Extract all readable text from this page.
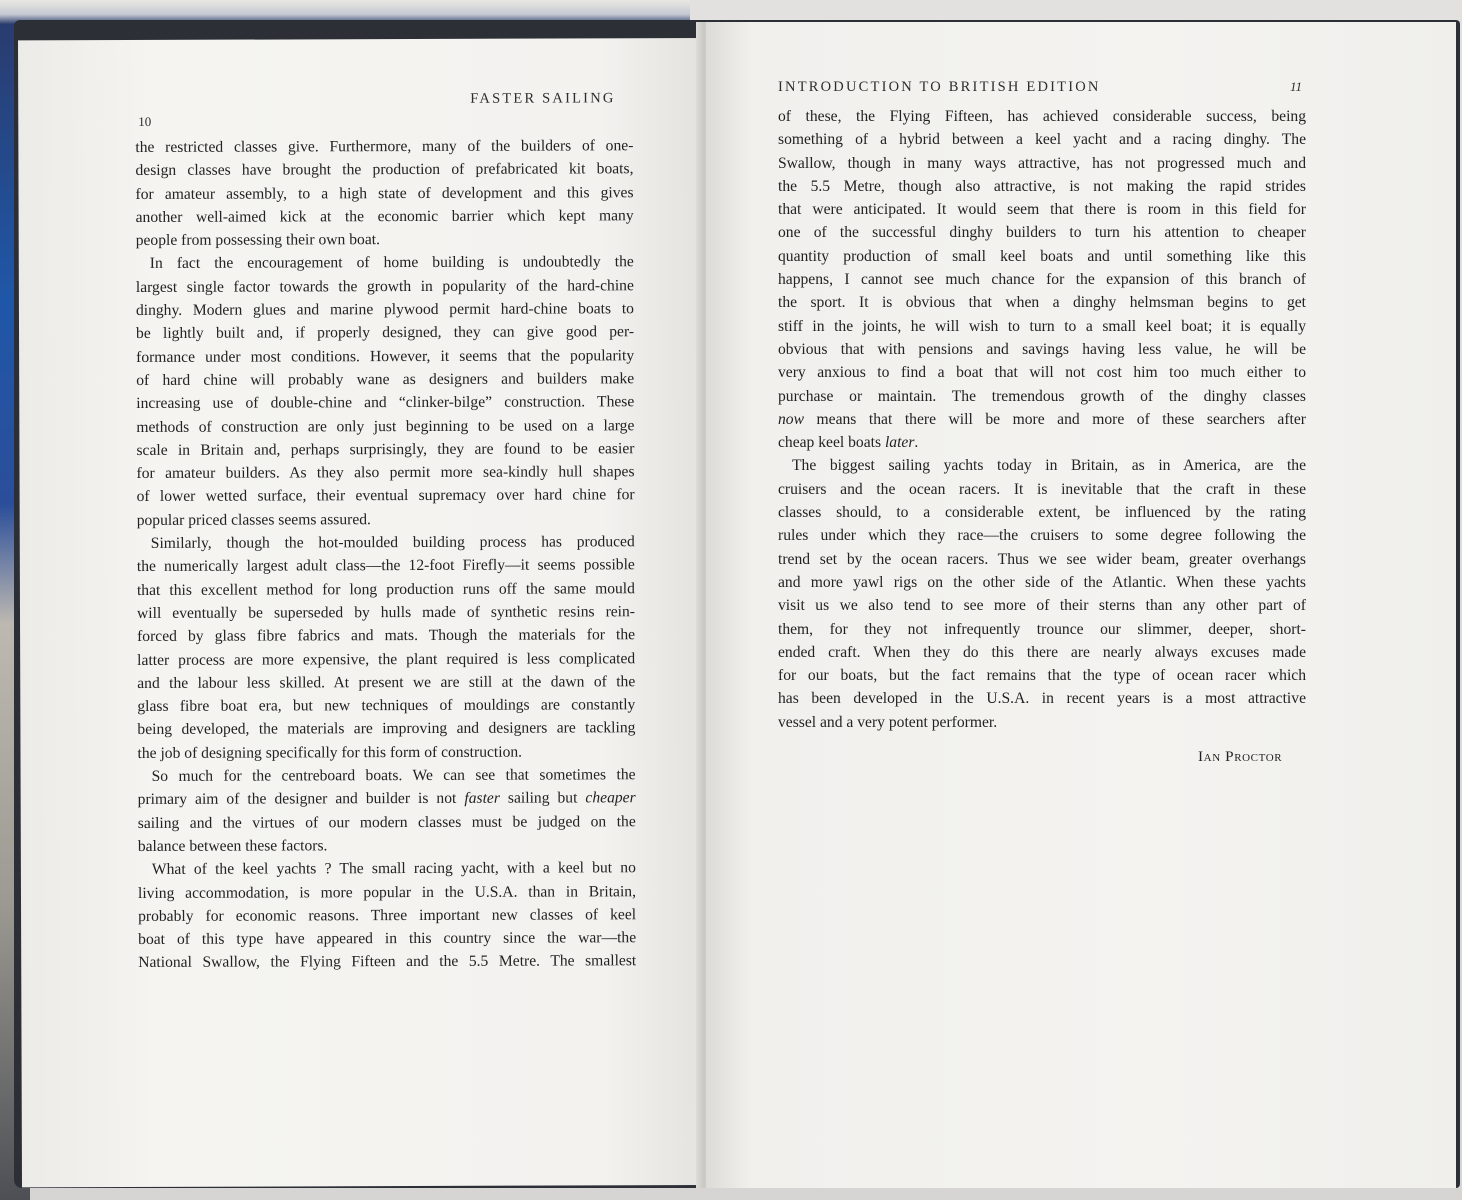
10
FASTER SAILING
the restricted classes give. Furthermore, many of the builders of one-
design classes have brought the production of prefabricated kit boats,
for amateur assembly, to a high state of development and this gives
another well-aimed kick at the economic barrier which kept many
people from possessing their own boat.
In fact the encouragement of home building is undoubtedly the
largest single factor towards the growth in popularity of the hard-chine
dinghy. Modern glues and marine plywood permit hard-chine boats to
be lightly built and, if properly designed, they can give good per-
formance under most conditions. However, it seems that the popularity
of hard chine will probably wane as designers and builders make
increasing use of double-chine and “clinker-bilge” construction. These
methods of construction are only just beginning to be used on a large
scale in Britain and, perhaps surprisingly, they are found to be easier
for amateur builders. As they also permit more sea-kindly hull shapes
of lower wetted surface, their eventual supremacy over hard chine for
popular priced classes seems assured.
Similarly, though the hot-moulded building process has produced
the numerically largest adult class—the 12-foot Firefly—it seems possible
that this excellent method for long production runs off the same mould
will eventually be superseded by hulls made of synthetic resins rein-
forced by glass fibre fabrics and mats. Though the materials for the
latter process are more expensive, the plant required is less complicated
and the labour less skilled. At present we are still at the dawn of the
glass fibre boat era, but new techniques of mouldings are constantly
being developed, the materials are improving and designers are tackling
the job of designing specifically for this form of construction.
So much for the centreboard boats. We can see that sometimes the
primary aim of the designer and builder is not faster sailing but cheaper
sailing and the virtues of our modern classes must be judged on the
balance between these factors.
What of the keel yachts ? The small racing yacht, with a keel but no
living accommodation, is more popular in the U.S.A. than in Britain,
probably for economic reasons. Three important new classes of keel
boat of this type have appeared in this country since the war—the
National Swallow, the Flying Fifteen and the 5.5 Metre. The smallest
INTRODUCTION TO BRITISH EDITION	11
of these, the Flying Fifteen, has achieved considerable success, being
something of a hybrid between a keel yacht and a racing dinghy. The
Swallow, though in many ways attractive, has not progressed much and
the 5.5 Metre, though also attractive, is not making the rapid strides
that were anticipated. It would seem that there is room in this field for
one of the successful dinghy builders to turn his attention to cheaper
quantity production of small keel boats and until something like this
happens, I cannot see much chance for the expansion of this branch of
the sport. It is obvious that when a dinghy helmsman begins to get
stiff in the joints, he will wish to turn to a small keel boat; it is equally
obvious that with pensions and savings having less value, he will be
very anxious to find a boat that will not cost him too much either to
purchase or maintain. The tremendous growth of the dinghy classes
now means that there will be more and more of these searchers after
cheap keel boats later.
The biggest sailing yachts today in Britain, as in America, are the
cruisers and the ocean racers. It is inevitable that the craft in these
classes should, to a considerable extent, be influenced by the rating
rules under which they race—the cruisers to some degree following the
trend set by the ocean racers. Thus we see wider beam, greater overhangs
and more yawl rigs on the other side of the Atlantic. When these yachts
visit us we also tend to see more of their sterns than any other part of
them, for they not infrequently trounce our slimmer, deeper, short-
ended craft. When they do this there are nearly always excuses made
for our boats, but the fact remains that the type of ocean racer which
has been developed in the U.S.A. in recent years is a most attractive
vessel and a very potent performer.
Ian Proctor
